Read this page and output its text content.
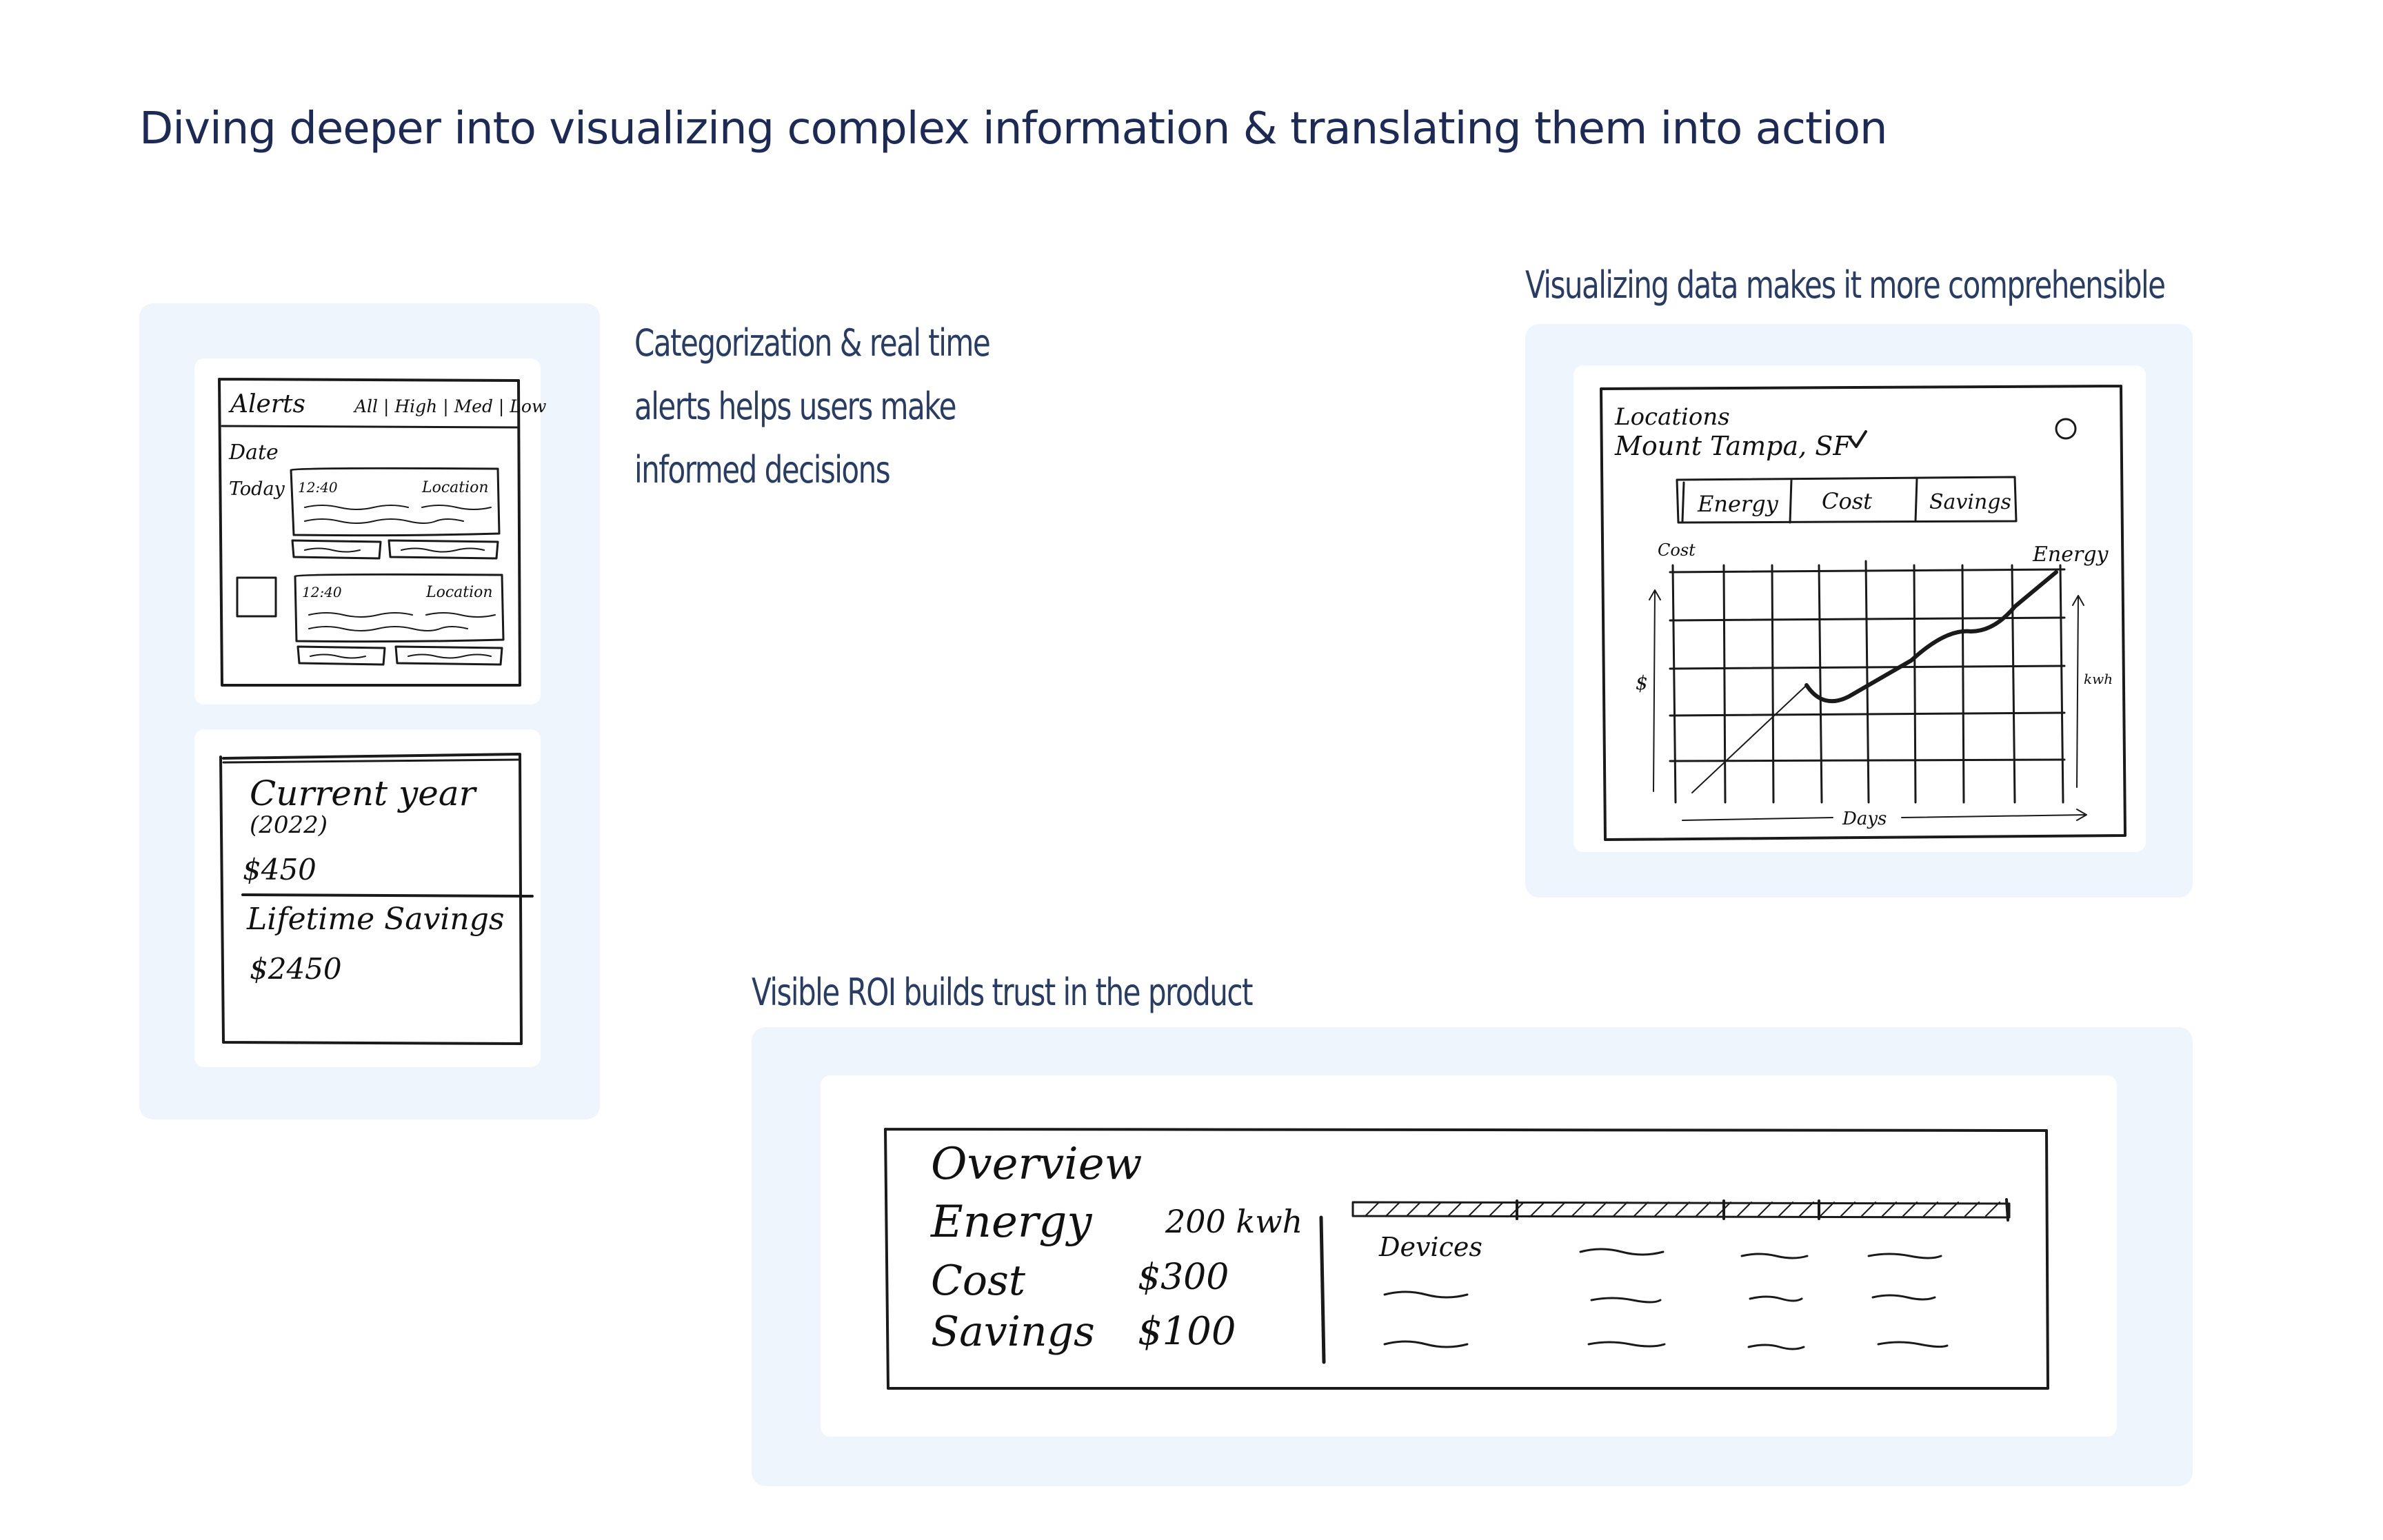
Diving deeper into visualizing complex information & translating them into action
Categorization & real time
alerts helps users make
informed decisions
Visualizing data makes it more comprehensible
Visible ROI builds trust in the product
Alerts	All | High | Med | Low
Date
Today 12:40	Location
12:40	Location
Current year
(2022)
$450
Lifetime Savings
$2450
Locations
Mount Tampa, SF
Energy Cost	Savings
Cost	Energy
$	kwh
Days
Overview
Energy 200 kwh
Cost	$300
Savings $100
Devices
